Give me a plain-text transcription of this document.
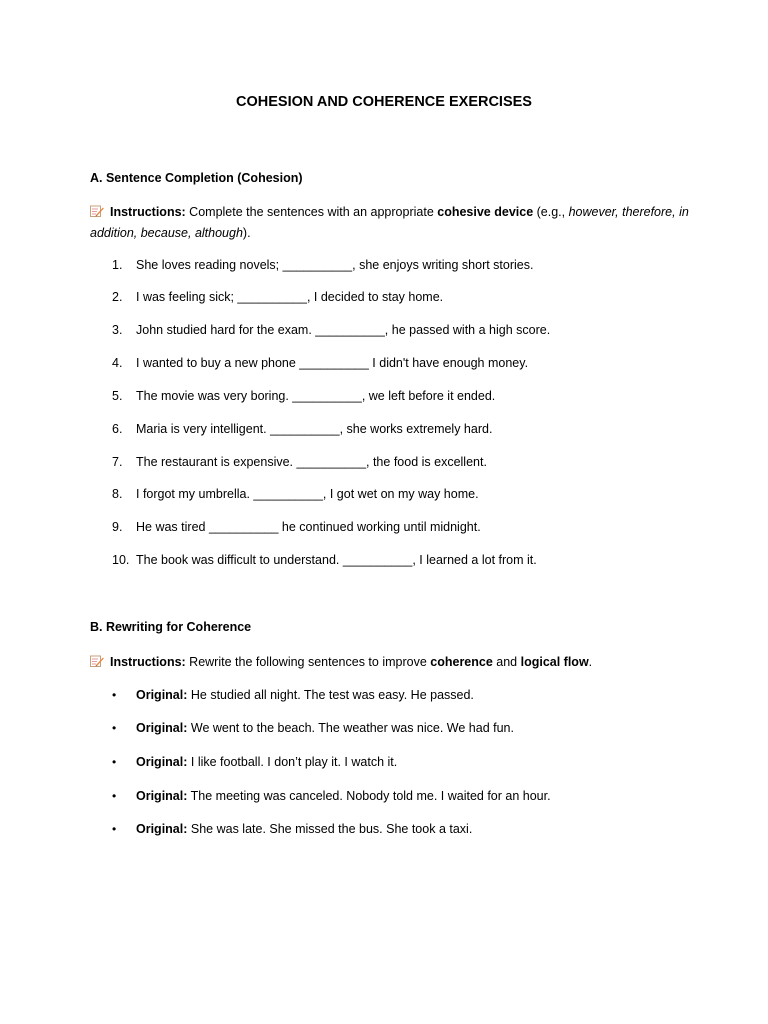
COHESION AND COHERENCE EXERCISES
A. Sentence Completion (Cohesion)
Instructions: Complete the sentences with an appropriate cohesive device (e.g., however, therefore, in addition, because, although).
1. She loves reading novels; __________, she enjoys writing short stories.
2. I was feeling sick; __________, I decided to stay home.
3. John studied hard for the exam. __________, he passed with a high score.
4. I wanted to buy a new phone __________ I didn't have enough money.
5. The movie was very boring. __________, we left before it ended.
6. Maria is very intelligent. __________, she works extremely hard.
7. The restaurant is expensive. __________, the food is excellent.
8. I forgot my umbrella. __________, I got wet on my way home.
9. He was tired __________ he continued working until midnight.
10. The book was difficult to understand. __________, I learned a lot from it.
B. Rewriting for Coherence
Instructions: Rewrite the following sentences to improve coherence and logical flow.
• Original: He studied all night. The test was easy. He passed.
• Original: We went to the beach. The weather was nice. We had fun.
• Original: I like football. I don’t play it. I watch it.
• Original: The meeting was canceled. Nobody told me. I waited for an hour.
• Original: She was late. She missed the bus. She took a taxi.
